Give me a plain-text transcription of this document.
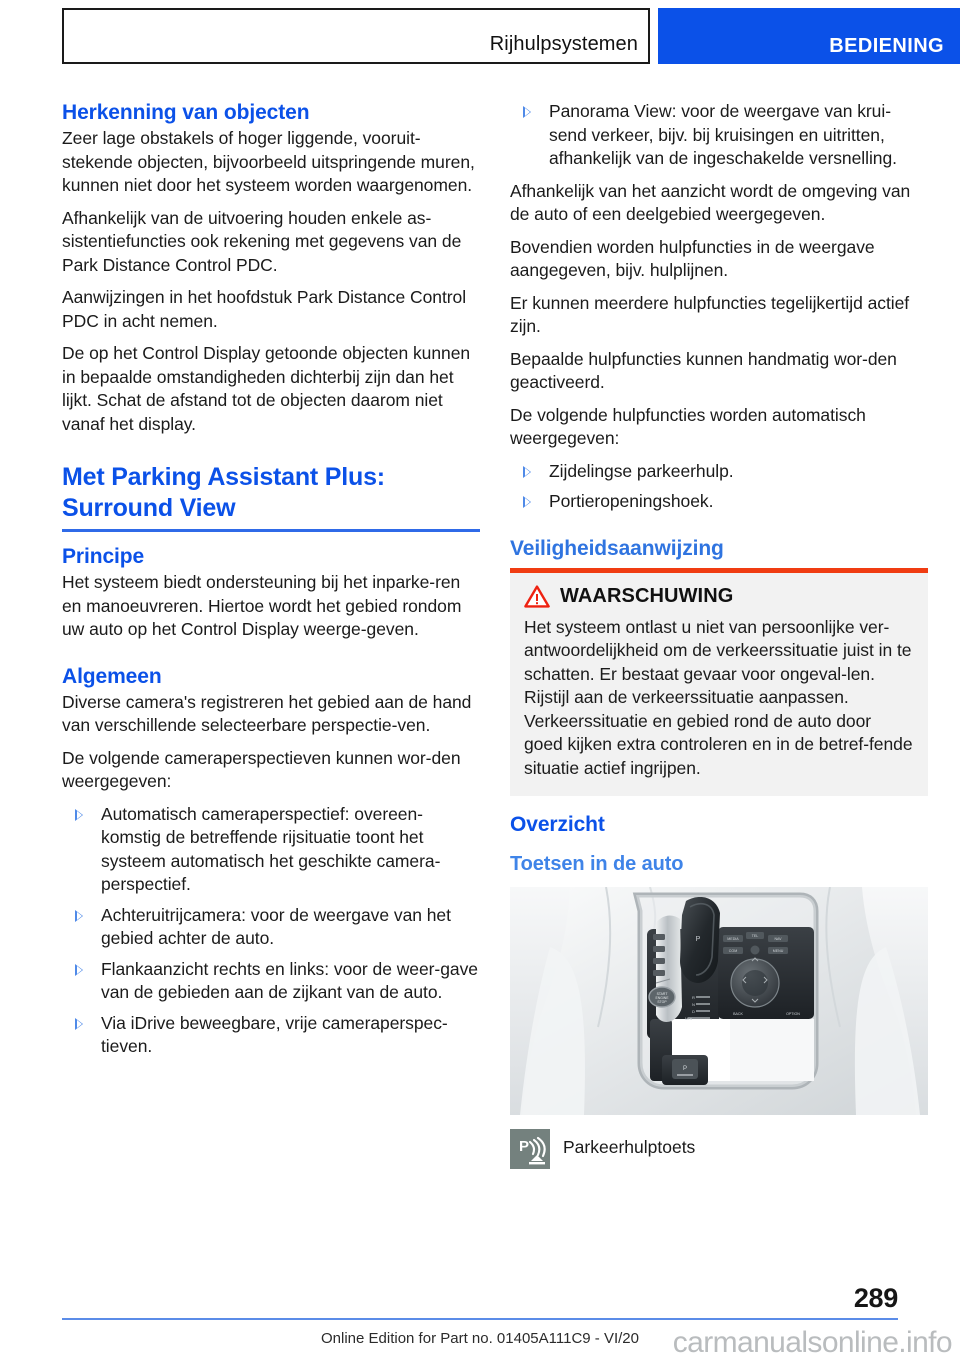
Rijhulpsystemen	BEDIENING
Herkenning van objecten

Zeer lage obstakels of hoger liggende, vooruit-stekende objecten, bijvoorbeeld uitspringende muren, kunnen niet door het systeem worden waargenomen.

Afhankelijk van de uitvoering houden enkele as-sistentiefuncties ook rekening met gegevens van de Park Distance Control PDC.

Aanwijzingen in het hoofdstuk Park Distance Control PDC in acht nemen.

De op het Control Display getoonde objecten kunnen in bepaalde omstandigheden dichterbij zijn dan het lijkt. Schat de afstand tot de objecten daarom niet vanaf het display.

Met Parking Assistant Plus: Surround View
Principe

Het systeem biedt ondersteuning bij het inparke-ren en manoeuvreren. Hiertoe wordt het gebied rondom uw auto op het Control Display weerge-geven.

Algemeen

Diverse camera's registreren het gebied aan de hand van verschillende selecteerbare perspectie-ven.

De volgende cameraperspectieven kunnen wor-den weergegeven:

Automatisch cameraperspectief: overeen-komstig de betreffende rijsituatie toont het systeem automatisch het geschikte camera-perspectief.
Achteruitrijcamera: voor de weergave van het gebied achter de auto.
Flankaanzicht rechts en links: voor de weer-gave van de gebieden aan de zijkant van de auto.
Via iDrive beweegbare, vrije cameraperspec-tieven.
Panorama View: voor de weergave van krui-send verkeer, bijv. bij kruisingen en uitritten, afhankelijk van de ingeschakelde versnelling.

Afhankelijk van het aanzicht wordt de omgeving van de auto of een deelgebied weergegeven.

Bovendien worden hulpfuncties in de weergave aangegeven, bijv. hulplijnen.

Er kunnen meerdere hulpfuncties tegelijkertijd actief zijn.

Bepaalde hulpfuncties kunnen handmatig wor-den geactiveerd.

De volgende hulpfuncties worden automatisch weergegeven:

Zijdelingse parkeerhulp.
Portieropeningshoek.
Veiligheidsaanwijzing
WAARSCHUWING

Het systeem ontlast u niet van persoonlijke ver-antwoordelijkheid om de verkeerssituatie juist in te schatten. Er bestaat gevaar voor ongeval-len. Rijstijl aan de verkeerssituatie aanpassen. Verkeerssituatie en gebied rond de auto door goed kijken extra controleren en in de betref-fende situatie actief ingrijpen.

Overzicht
Toetsen in de auto
P
START
ENGINE
STOP
R
N
D
M/S
MEDIA
TEL
NAV
COM	MENU
BACK	OPTION
P
P Parkeerhulptoets
289
Online Edition for Part no. 01405A111C9 - VI/20	carmanualsonline.info
